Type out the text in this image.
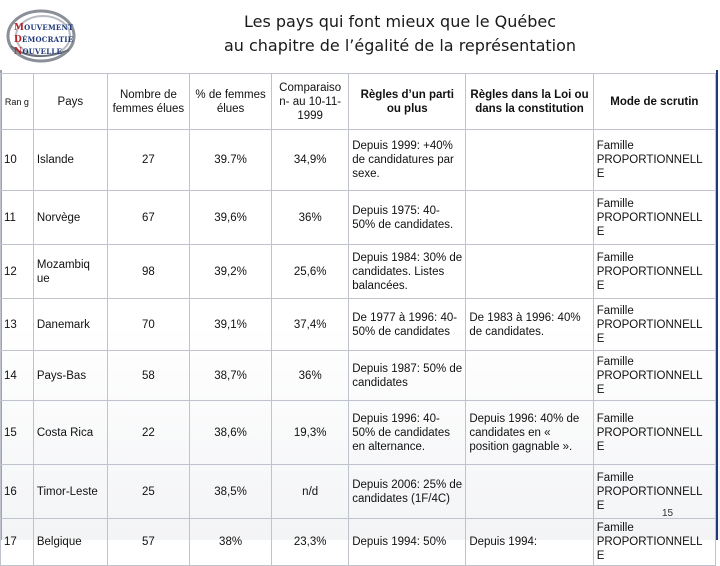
MOUVEMENT
DÉMOCRATIE
NOUVELLE
Les pays qui font mieux que le Québec
au chapitre de l’égalité de la représentation
Ran g	Pays	Nombre de femmes élues	% de femmes élues	Comparaiso n- au 10-11-1999	Règles d’un parti ou plus	Règles dans la Loi ou dans la constitution	Mode de scrutin
10	Islande	27	39.7%	34,9%	Depuis 1999: +40% de candidatures par sexe.		Famille PROPORTIONNELL E
11	Norvège	67	39,6%	36%	Depuis 1975: 40-50% de candidates.		Famille PROPORTIONNELL E
12	Mozambiq ue	98	39,2%	25,6%	Depuis 1984: 30% de candidates. Listes balancées.		Famille PROPORTIONNELL E
13	Danemark	70	39,1%	37,4%	De 1977 à 1996: 40-50% de candidates	De 1983 à 1996: 40% de candidates.	Famille PROPORTIONNELL E
14	Pays-Bas	58	38,7%	36%	Depuis 1987: 50% de candidates		Famille PROPORTIONNELL E
15	Costa Rica	22	38,6%	19,3%	Depuis 1996: 40-50% de candidates en alternance.	Depuis 1996: 40% de candidates en « position gagnable ».	Famille PROPORTIONNELL E
16	Timor-Leste	25	38,5%	n/d	Depuis 2006: 25% de candidates (1F/4C)		Famille PROPORTIONNELL E
17	Belgique	57	38%	23,3%	Depuis 1994: 50%	Depuis 1994:	Famille PROPORTIONNELL E
15
